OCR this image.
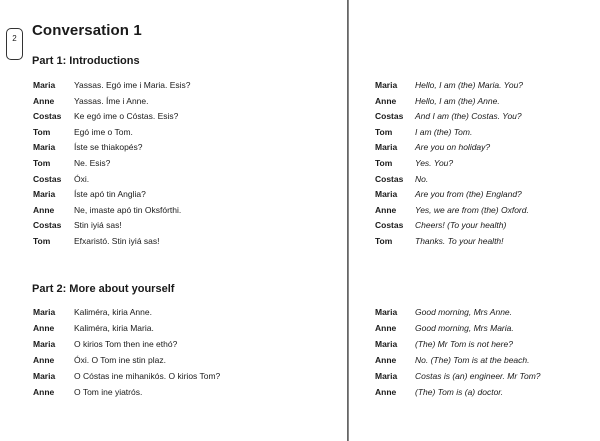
2	Conversation 1
Part 1: Introductions
Part 2: More about yourself
Maria Yassas. Egó ime i Maria. Esis?
Anne Yassas. Íme i Anne.
Costas Ke egó ime o Cóstas. Esis?
Tom	Egó ime o Tom.
Maria Íste se thiakopés?
Tom	Ne. Esis?
Costas Óxi.
Maria Íste apó tin Anglia?
Anne Ne, imaste apó tin Oksfórthi.
Costas Stin iyiá sas!
Tom	Efxaristó. Stin iyiá sas!
Maria Hello, I am (the) Maria. You?
Anne Hello, I am (the) Anne.
Costas And I am (the) Costas. You?
Tom	I am (the) Tom.
Maria Are you on holiday?
Tom	Yes. You?
Costas No.
Maria Are you from (the) England?
Anne Yes, we are from (the) Oxford.
Costas Cheers! (To your health)
Tom	Thanks. To your health!
Maria Kaliméra, kiria Anne.
Anne Kaliméra, kiria Maria.
Maria O kirios Tom then ine ethó?
Anne Óxi. O Tom ine stin plaz.
Maria O Cóstas ine mihanikós. O kirios Tom?
Anne O Tom ine yiatrós.
Maria Good morning, Mrs Anne.
Anne Good morning, Mrs Maria.
Maria (The) Mr Tom is not here?
Anne No. (The) Tom is at the beach.
Maria Costas is (an) engineer. Mr Tom?
Anne (The) Tom is (a) doctor.
